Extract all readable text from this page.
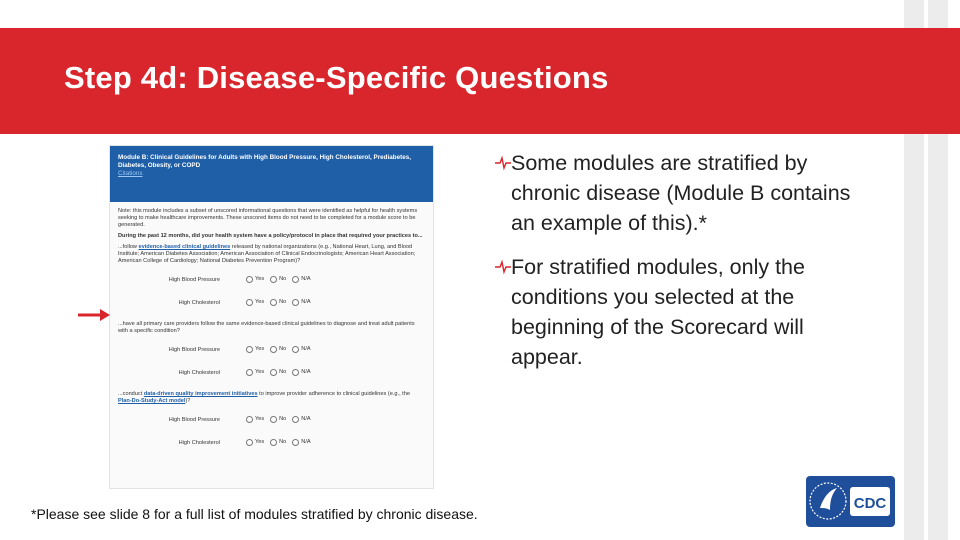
Step 4d: Disease-Specific Questions
Module B: Clinical Guidelines for Adults with High Blood Pressure, High Cholesterol, Prediabetes, Diabetes, Obesity, or COPD
Citations

Note: this module includes a subset of unscored informational questions that were identified as helpful for health systems seeking to make healthcare improvements. These unscored items do not need to be completed for a module score to be generated.

During the past 12 months, did your health system have a policy/protocol in place that required your practices to...

...follow evidence-based clinical guidelines released by national organizations (e.g., National Heart, Lung, and Blood Institute; American Diabetes Association; American Association of Clinical Endocrinologists; American Heart Association; American College of Cardiology; National Diabetes Prevention Program)?

High Blood Pressure	Yes	No	N/A
High Cholesterol	Yes	No	N/A

...have all primary care providers follow the same evidence-based clinical guidelines to diagnose and treat adult patients with a specific condition?

High Blood Pressure	Yes	No	N/A
High Cholesterol	Yes	No	N/A

...conduct data-driven quality improvement initiatives to improve provider adherence to clinical guidelines (e.g., the Plan-Do-Study-Act model)?

High Blood Pressure	Yes	No	N/A
High Cholesterol	Yes	No	N/A
Some modules are stratified by chronic disease (Module B contains an example of this).*
For stratified modules, only the conditions you selected at the beginning of the Scorecard will appear.
*Please see slide 8 for a full list of modules stratified by chronic disease.
CDC
